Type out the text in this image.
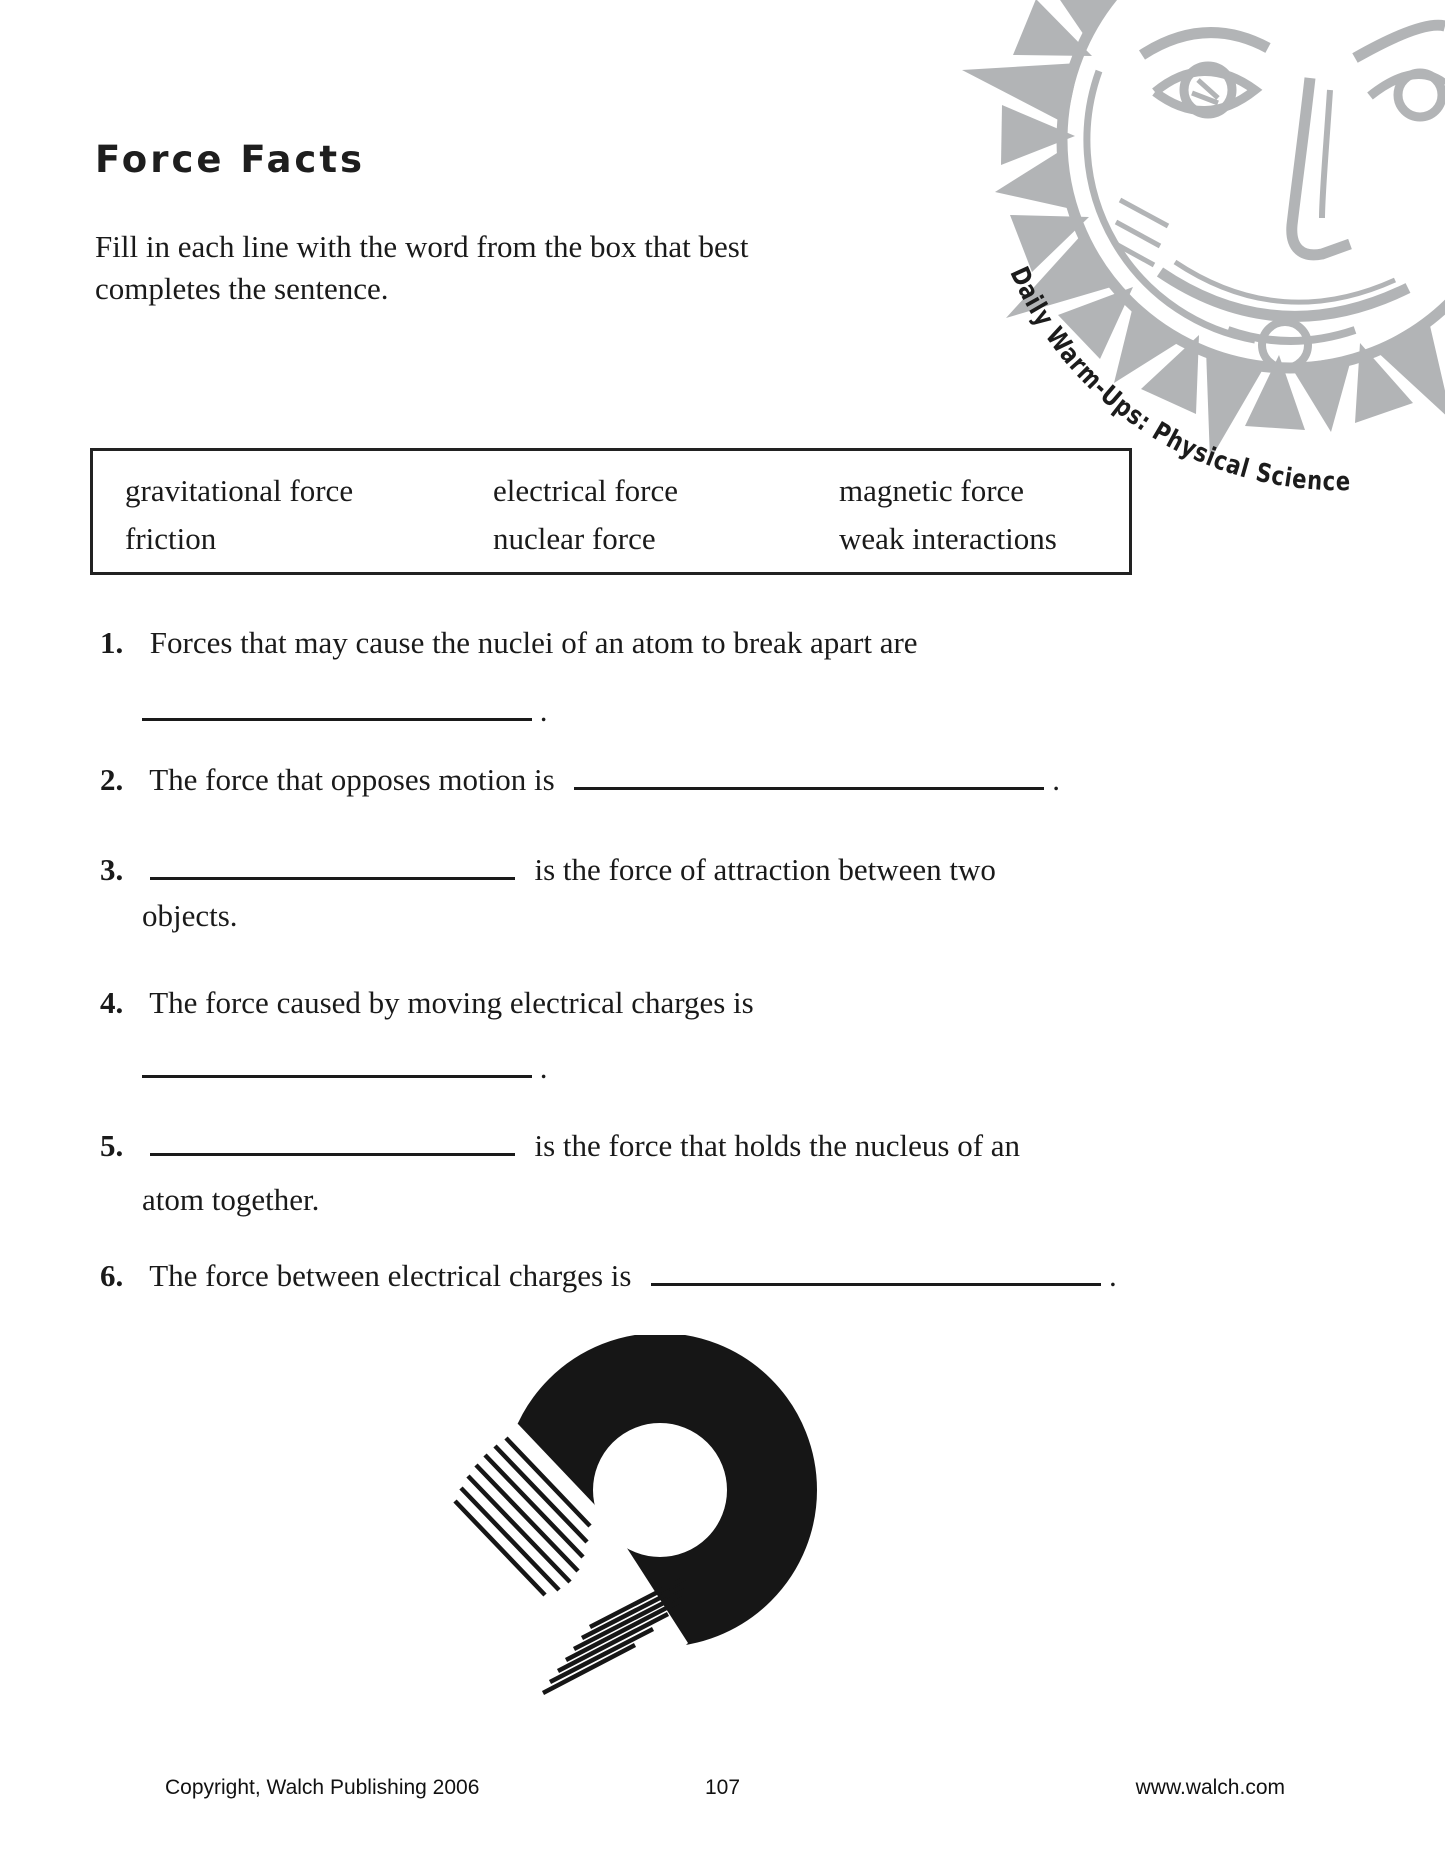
Daily Warm-Ups: Physical Science
Force Facts
Fill in each line with the word from the box that best
completes the sentence.
gravitational force	electrical force	magnetic force
friction	nuclear force	weak interactions
1. Forces that may cause the nuclei of an atom to break apart are
.
2. The force that opposes motion is	.
3.	is the force of attraction between two
objects.
4. The force caused by moving electrical charges is
.
5.	is the force that holds the nucleus of an
atom together.
6. The force between electrical charges is	.
Copyright, Walch Publishing 2006	107	www.walch.com
